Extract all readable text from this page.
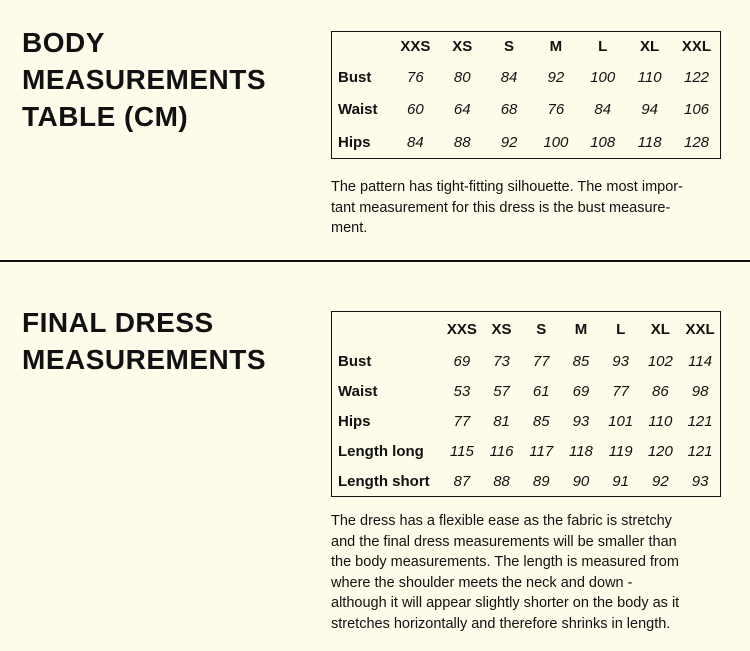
BODY
MEASUREMENTS
TABLE (CM)
	XXS	XS	S	M	L	XL	XXL
Bust	76	80	84	92	100	110	122
Waist	60	64	68	76	84	94	106
Hips	84	88	92	100	108	118	128

The pattern has tight-fitting silhouette. The most impor-
tant measurement for this dress is the bust measure-
ment.

FINAL DRESS
MEASUREMENTS
	XXS	XS	S	M	L	XL	XXL
Bust	69	73	77	85	93	102	114
Waist	53	57	61	69	77	86	98
Hips	77	81	85	93	101	110	121
Length long	115	116	117	118	119	120	121
Length short	87	88	89	90	91	92	93

The dress has a flexible ease as the fabric is stretchy
and the final dress measurements will be smaller than
the body measurements. The length is measured from
where the shoulder meets the neck and down -
although it will appear slightly shorter on the body as it
stretches horizontally and therefore shrinks in length.
